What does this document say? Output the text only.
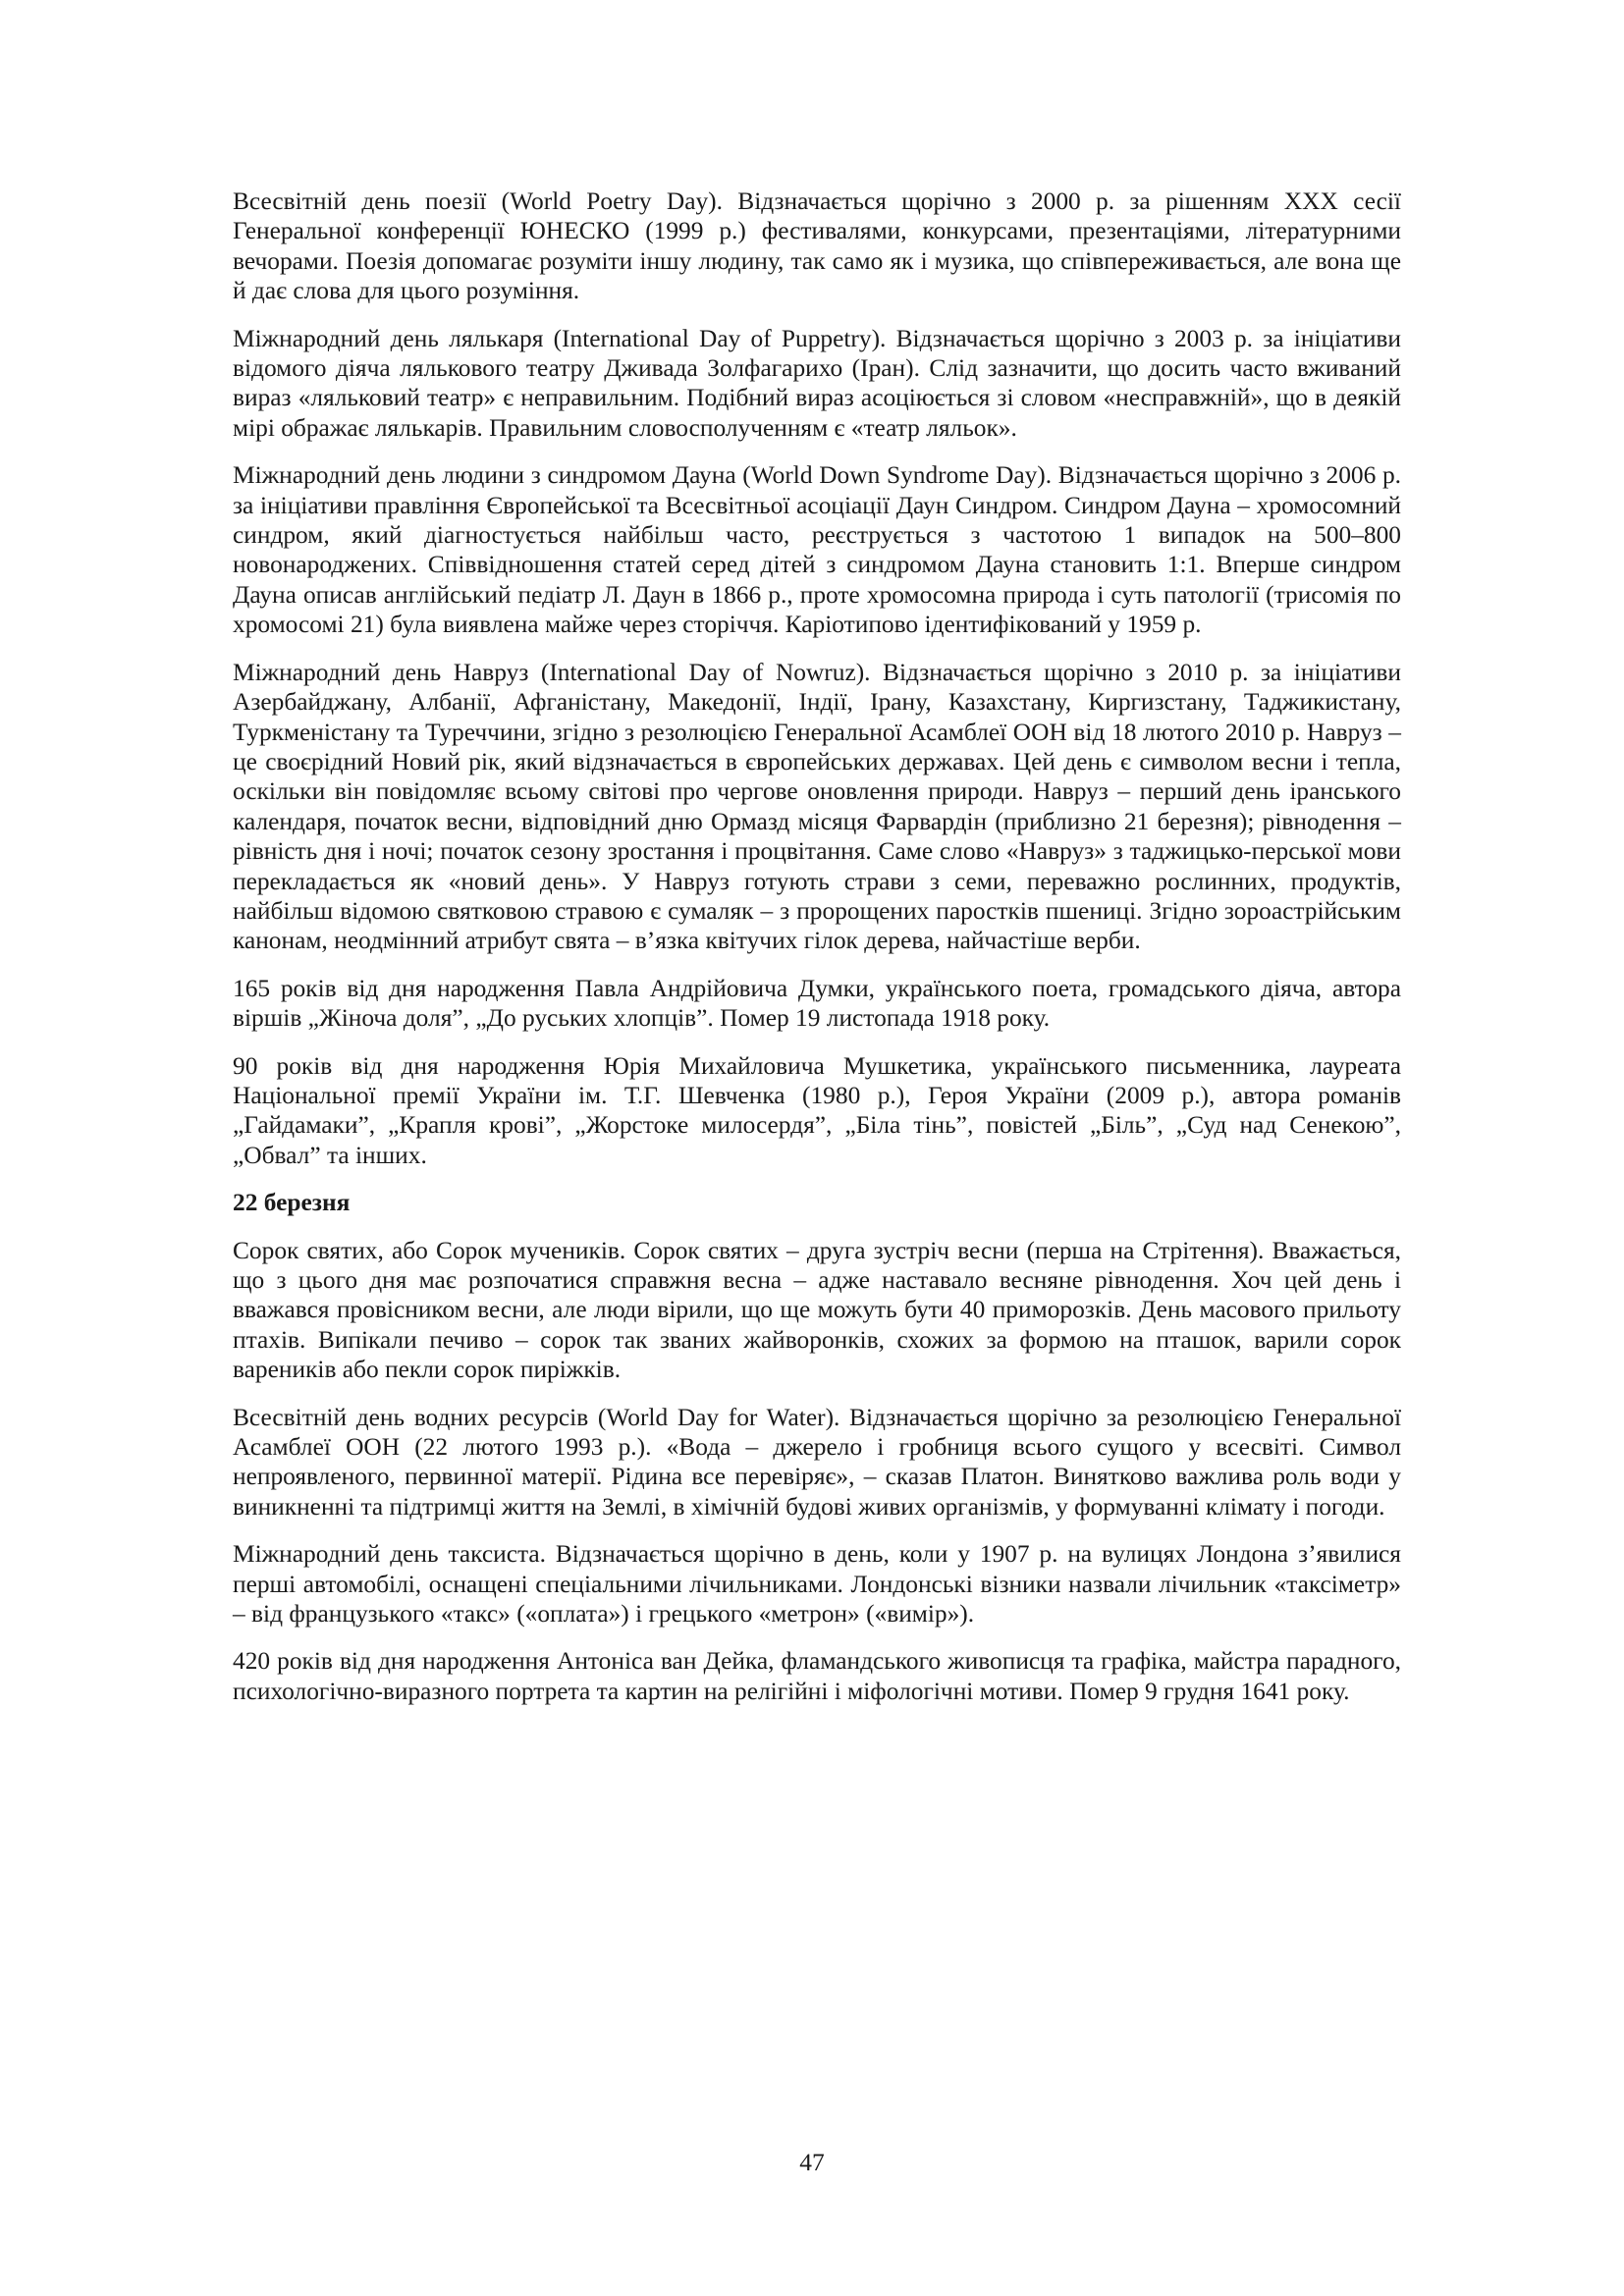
Всесвітній день поезії (World Poetry Day). Відзначається щорічно з 2000 р. за рішенням ХХХ сесії Генеральної конференції ЮНЕСКО (1999 р.) фестивалями, конкурсами, презентаціями, літературними вечорами. Поезія допомагає розуміти іншу людину, так само як і музика, що співпереживається, але вона ще й дає слова для цього розуміння.

Міжнародний день лялькаря (International Day of Puppetry). Відзначається щорічно з 2003 р. за ініціативи відомого діяча лялькового театру Дживада Золфагарихо (Іран). Слід зазначити, що досить часто вживаний вираз «ляльковий театр» є неправильним. Подібний вираз асоціюється зі словом «несправжній», що в деякій мірі ображає лялькарів. Правильним словосполученням є «театр ляльок».

Міжнародний день людини з синдромом Дауна (World Down Syndrome Day). Відзначається щорічно з 2006 р. за ініціативи правління Європейської та Всесвітньої асоціації Даун Синдром. Синдром Дауна – хромосомний синдром, який діагностується найбільш часто, реєструється з частотою 1 випадок на 500–800 новонароджених. Співвідношення статей серед дітей з синдромом Дауна становить 1:1. Вперше синдром Дауна описав англійський педіатр Л. Даун в 1866 р., проте хромосомна природа і суть патології (трисомія по хромосомі 21) була виявлена майже через сторіччя. Каріотипово ідентифікований у 1959 р.

Міжнародний день Навруз (International Day of Nowruz). Відзначається щорічно з 2010 р. за ініціативи Азербайджану, Албанії, Афганістану, Македонії, Індії, Ірану, Казахстану, Киргизстану, Таджикистану, Туркменістану та Туреччини, згідно з резолюцією Генеральної Асамблеї ООН від 18 лютого 2010 р. Навруз – це своєрідний Новий рік, який відзначається в європейських державах. Цей день є символом весни і тепла, оскільки він повідомляє всьому світові про чергове оновлення природи. Навруз – перший день іранського календаря, початок весни, відповідний дню Ормазд місяця Фарвардін (приблизно 21 березня); рівнодення – рівність дня і ночі; початок сезону зростання і процвітання. Саме слово «Навруз» з таджицько-перської мови перекладається як «новий день». У Навруз готують страви з семи, переважно рослинних, продуктів, найбільш відомою святковою стравою є сумаляк – з пророщених паростків пшениці. Згідно зороастрійським канонам, неодмінний атрибут свята – в’язка квітучих гілок дерева, найчастіше верби.

165 років від дня народження Павла Андрійовича Думки, українського поета, громадського діяча, автора віршів „Жіноча доля”, „До руських хлопців”. Помер 19 листопада 1918 року.

90 років від дня народження Юрія Михайловича Мушкетика, українського письменника, лауреата Національної премії України ім. Т.Г. Шевченка (1980 р.), Героя України (2009 р.), автора романів „Гайдамаки”, „Крапля крові”, „Жорстоке милосердя”, „Біла тінь”, повістей „Біль”, „Суд над Сенекою”, „Обвал” та інших.

22 березня

Сорок святих, або Сорок мучеників. Сорок святих – друга зустріч весни (перша на Стрітення). Вважається, що з цього дня має розпочатися справжня весна – адже наставало весняне рівнодення. Хоч цей день і вважався провісником весни, але люди вірили, що ще можуть бути 40 приморозків. День масового прильоту птахів. Випікали печиво – сорок так званих жайворонків, схожих за формою на пташок, варили сорок вареників або пекли сорок пиріжків.

Всесвітній день водних ресурсів (World Day for Water). Відзначається щорічно за резолюцією Генеральної Асамблеї ООН (22 лютого 1993 р.). «Вода – джерело і гробниця всього сущого у всесвіті. Символ непроявленого, первинної матерії. Рідина все перевіряє», – сказав Платон. Винятково важлива роль води у виникненні та підтримці життя на Землі, в хімічній будові живих організмів, у формуванні клімату і погоди.

Міжнародний день таксиста. Відзначається щорічно в день, коли у 1907 р. на вулицях Лондона з’явилися перші автомобілі, оснащені спеціальними лічильниками. Лондонські візники назвали лічильник «таксіметр» – від французького «такс» («оплата») і грецького «метрон» («вимір»).

420 років від дня народження Антоніса ван Дейка, фламандського живописця та графіка, майстра парадного, психологічно-виразного портрета та картин на релігійні і міфологічні мотиви. Помер 9 грудня 1641 року.

47
